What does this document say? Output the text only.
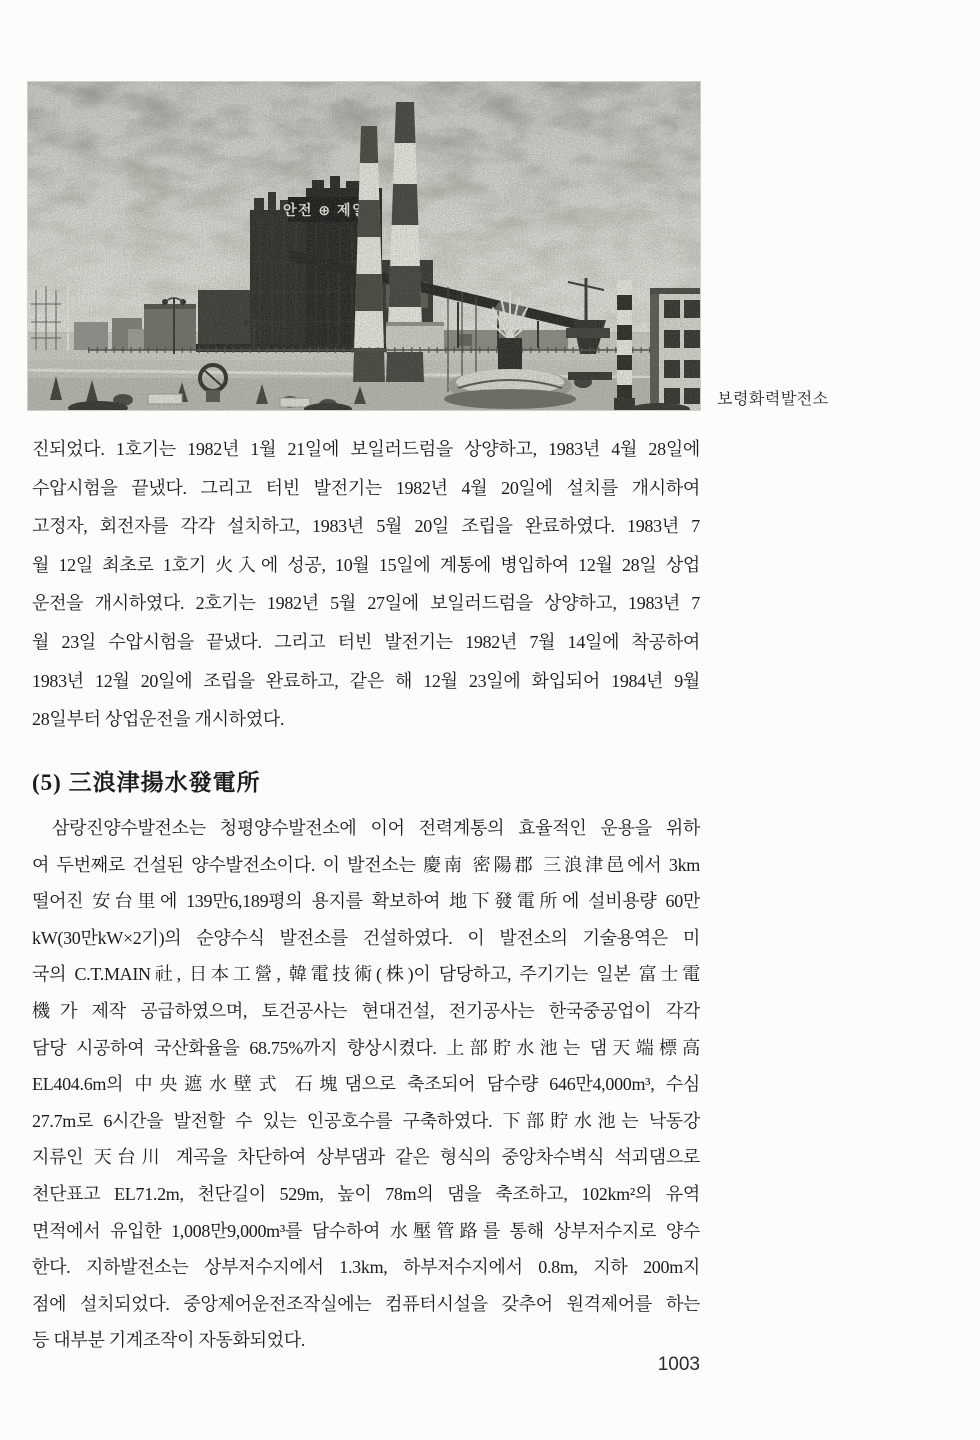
보령화력발전소
진되었다. 1호기는 1982년 1월 21일에 보일러드럼을 상양하고, 1983년 4월 28일에
수압시험을 끝냈다. 그리고 터빈 발전기는 1982년 4월 20일에 설치를 개시하여
고정자, 회전자를 각각 설치하고, 1983년 5월 20일 조립을 완료하였다. 1983년 7
월 12일 최초로 1호기 火入에 성공, 10월 15일에 계통에 병입하여 12월 28일 상업
운전을 개시하였다. 2호기는 1982년 5월 27일에 보일러드럼을 상양하고, 1983년 7
월 23일 수압시험을 끝냈다. 그리고 터빈 발전기는 1982년 7월 14일에 착공하여
1983년 12월 20일에 조립을 완료하고, 같은 해 12월 23일에 화입되어 1984년 9월
28일부터 상업운전을 개시하였다.
(5) 三浪津揚水發電所
삼랑진양수발전소는 청평양수발전소에 이어 전력계통의 효율적인 운용을 위하
여 두번째로 건설된 양수발전소이다. 이 발전소는 慶南 密陽郡 三浪津邑에서 3km
떨어진 安台里에 139만6,189평의 용지를 확보하여 地下發電所에 설비용량 60만
kW(30만kW×2기)의 순양수식 발전소를 건설하였다. 이 발전소의 기술용역은 미
국의 C.T.MAIN社, 日本工營, 韓電技術(株)이 담당하고, 주기기는 일본 富士電
機가 제작 공급하였으며, 토건공사는 현대건설, 전기공사는 한국중공업이 각각
담당 시공하여 국산화율을 68.75%까지 향상시켰다. 上部貯水池는 댐天端標高
EL404.6m의 中央遮水壁式 石塊댐으로 축조되어 담수량 646만4,000m³, 수심
27.7m로 6시간을 발전할 수 있는 인공호수를 구축하였다. 下部貯水池는 낙동강
지류인 天台川 계곡을 차단하여 상부댐과 같은 형식의 중앙차수벽식 석괴댐으로
천단표고 EL71.2m, 천단길이 529m, 높이 78m의 댐을 축조하고, 102km²의 유역
면적에서 유입한 1,008만9,000m³를 담수하여 水壓管路를 통해 상부저수지로 양수
한다. 지하발전소는 상부저수지에서 1.3km, 하부저수지에서 0.8m, 지하 200m지
점에 설치되었다. 중앙제어운전조작실에는 컴퓨터시설을 갖추어 원격제어를 하는
등 대부분 기계조작이 자동화되었다.
1003
